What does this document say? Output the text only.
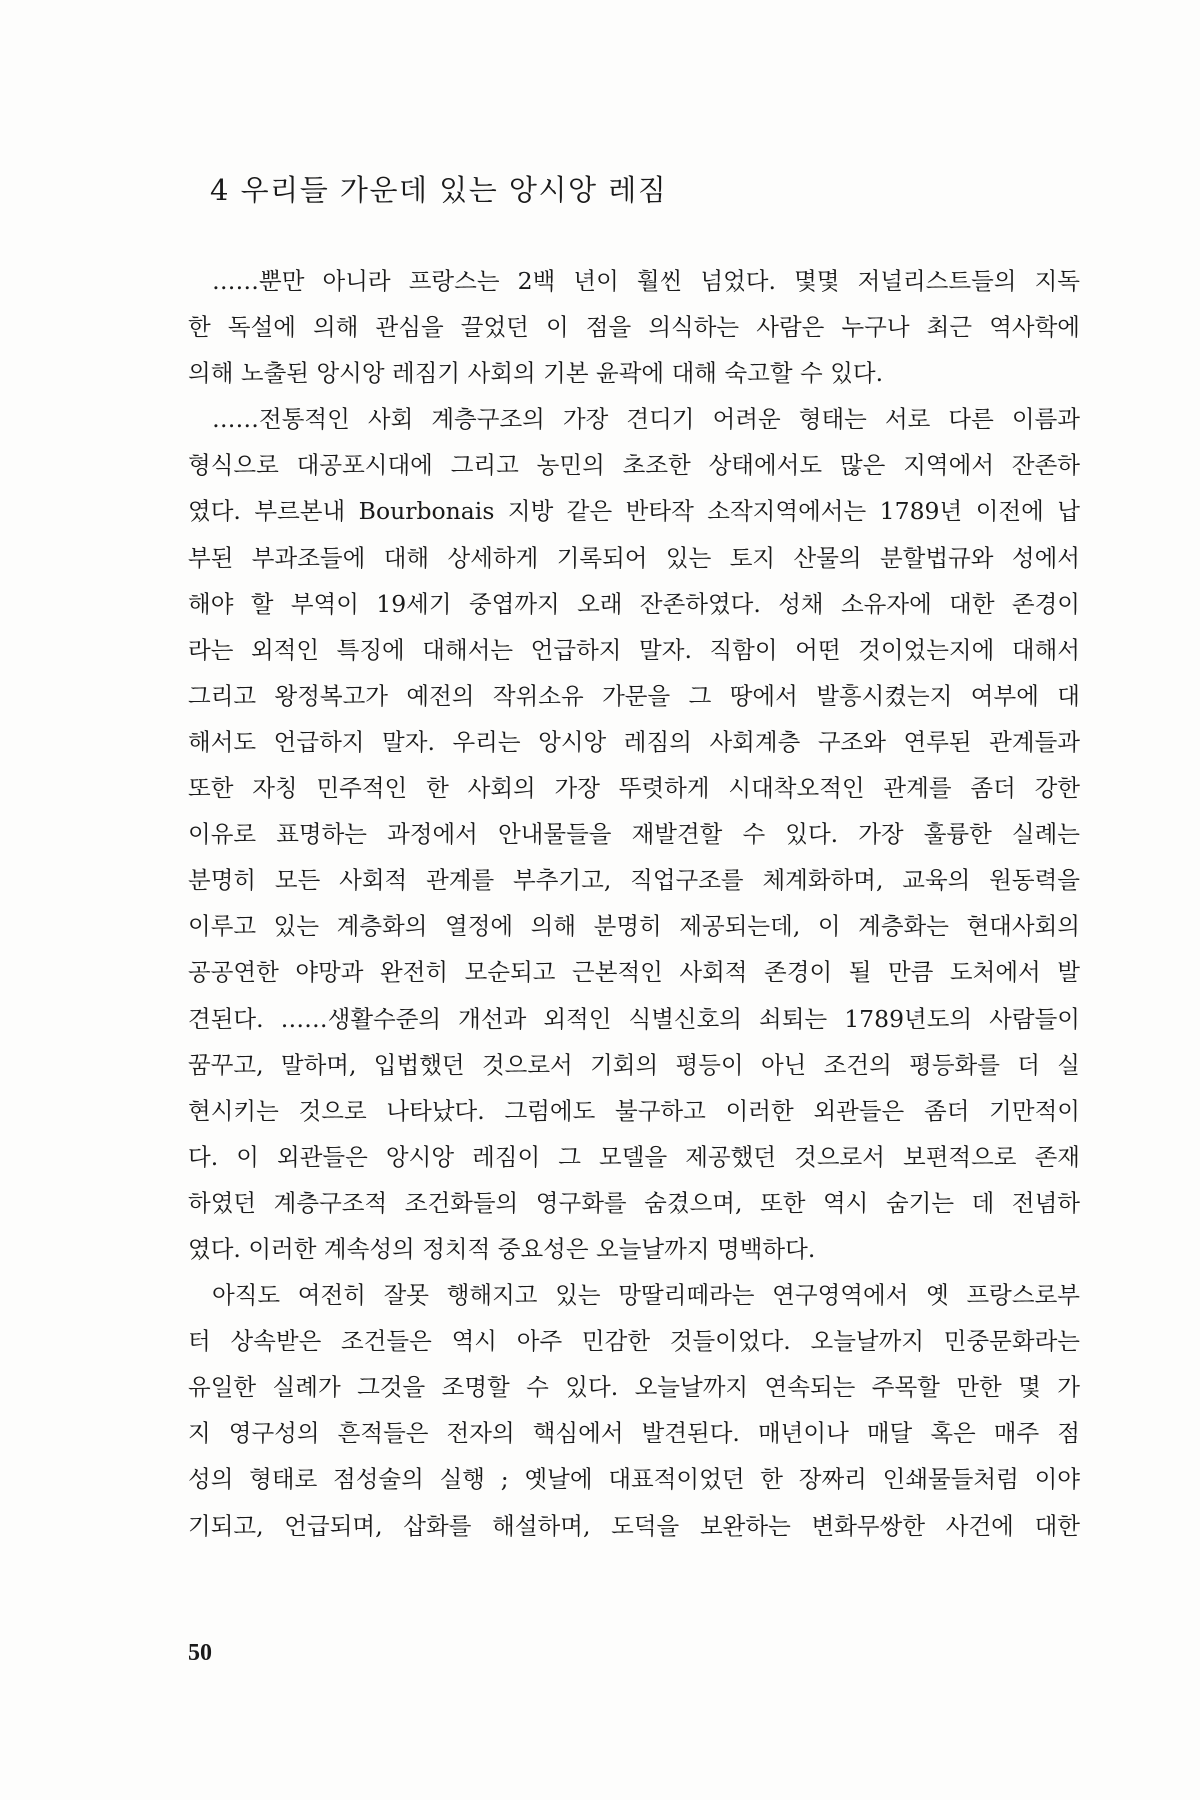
4 우리들 가운데 있는 앙시앙 레짐
……뿐만 아니라 프랑스는 2백 년이 훨씬 넘었다. 몇몇 저널리스트들의 지독
한 독설에 의해 관심을 끌었던 이 점을 의식하는 사람은 누구나 최근 역사학에
의해 노출된 앙시앙 레짐기 사회의 기본 윤곽에 대해 숙고할 수 있다.
……전통적인 사회 계층구조의 가장 견디기 어려운 형태는 서로 다른 이름과
형식으로 대공포시대에 그리고 농민의 초조한 상태에서도 많은 지역에서 잔존하
였다. 부르본내 Bourbonais 지방 같은 반타작 소작지역에서는 1789년 이전에 납
부된 부과조들에 대해 상세하게 기록되어 있는 토지 산물의 분할법규와 성에서
해야 할 부역이 19세기 중엽까지 오래 잔존하였다. 성채 소유자에 대한 존경이
라는 외적인 특징에 대해서는 언급하지 말자. 직함이 어떤 것이었는지에 대해서
그리고 왕정복고가 예전의 작위소유 가문을 그 땅에서 발흥시켰는지 여부에 대
해서도 언급하지 말자. 우리는 앙시앙 레짐의 사회계층 구조와 연루된 관계들과
또한 자칭 민주적인 한 사회의 가장 뚜렷하게 시대착오적인 관계를 좀더 강한
이유로 표명하는 과정에서 안내물들을 재발견할 수 있다. 가장 훌륭한 실례는
분명히 모든 사회적 관계를 부추기고, 직업구조를 체계화하며, 교육의 원동력을
이루고 있는 계층화의 열정에 의해 분명히 제공되는데, 이 계층화는 현대사회의
공공연한 야망과 완전히 모순되고 근본적인 사회적 존경이 될 만큼 도처에서 발
견된다. ……생활수준의 개선과 외적인 식별신호의 쇠퇴는 1789년도의 사람들이
꿈꾸고, 말하며, 입법했던 것으로서 기회의 평등이 아닌 조건의 평등화를 더 실
현시키는 것으로 나타났다. 그럼에도 불구하고 이러한 외관들은 좀더 기만적이
다. 이 외관들은 앙시앙 레짐이 그 모델을 제공했던 것으로서 보편적으로 존재
하였던 계층구조적 조건화들의 영구화를 숨겼으며, 또한 역시 숨기는 데 전념하
였다. 이러한 계속성의 정치적 중요성은 오늘날까지 명백하다.
아직도 여전히 잘못 행해지고 있는 망딸리떼라는 연구영역에서 옛 프랑스로부
터 상속받은 조건들은 역시 아주 민감한 것들이었다. 오늘날까지 민중문화라는
유일한 실례가 그것을 조명할 수 있다. 오늘날까지 연속되는 주목할 만한 몇 가
지 영구성의 흔적들은 전자의 핵심에서 발견된다. 매년이나 매달 혹은 매주 점
성의 형태로 점성술의 실행 ; 옛날에 대표적이었던 한 장짜리 인쇄물들처럼 이야
기되고, 언급되며, 삽화를 해설하며, 도덕을 보완하는 변화무쌍한 사건에 대한
50
